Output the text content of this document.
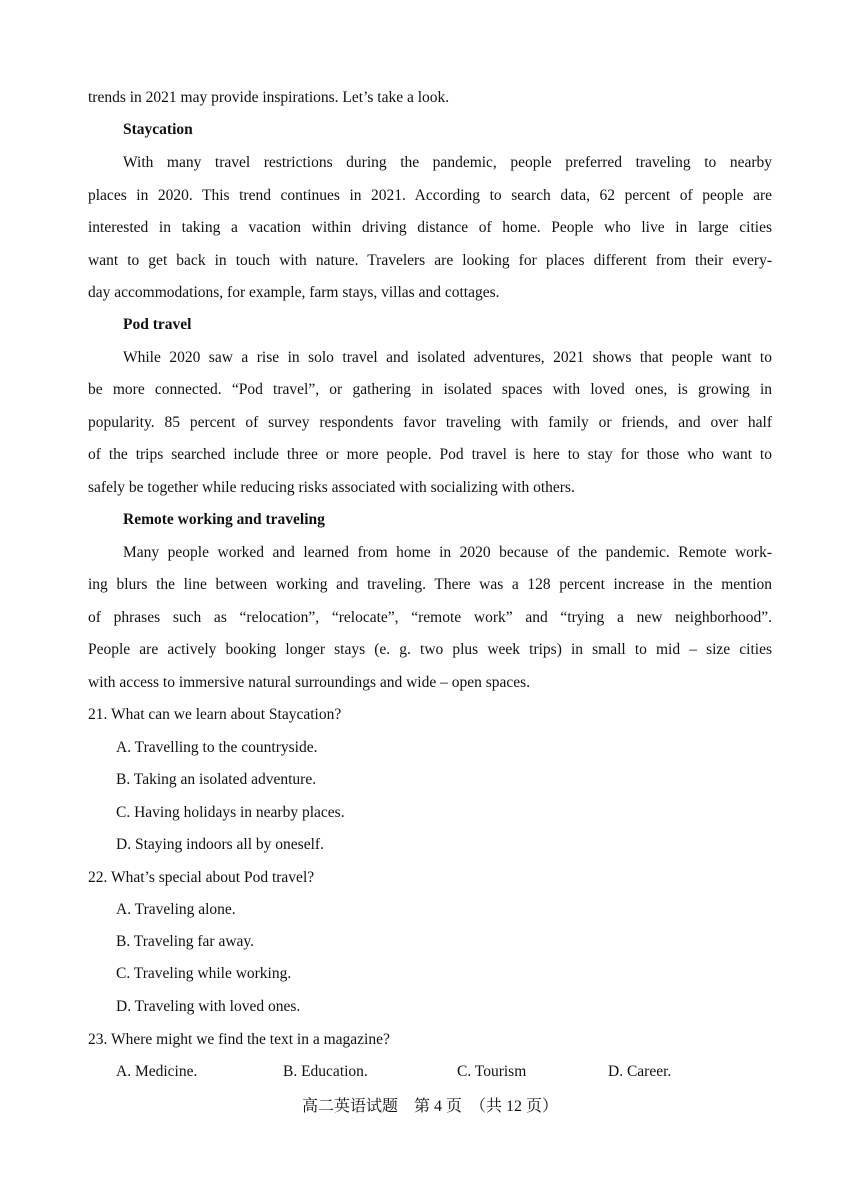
trends in 2021 may provide inspirations. Let’s take a look.
Staycation
With many travel restrictions during the pandemic, people preferred traveling to nearby
places in 2020. This trend continues in 2021. According to search data, 62 percent of people are
interested in taking a vacation within driving distance of home. People who live in large cities
want to get back in touch with nature. Travelers are looking for places different from their every-
day accommodations, for example, farm stays, villas and cottages.
Pod travel
While 2020 saw a rise in solo travel and isolated adventures, 2021 shows that people want to
be more connected. “Pod travel”, or gathering in isolated spaces with loved ones, is growing in
popularity. 85 percent of survey respondents favor traveling with family or friends, and over half
of the trips searched include three or more people. Pod travel is here to stay for those who want to
safely be together while reducing risks associated with socializing with others.
Remote working and traveling
Many people worked and learned from home in 2020 because of the pandemic. Remote work-
ing blurs the line between working and traveling. There was a 128 percent increase in the mention
of phrases such as “relocation”, “relocate”, “remote work” and “trying a new neighborhood”.
People are actively booking longer stays (e. g. two plus week trips) in small to mid – size cities
with access to immersive natural surroundings and wide – open spaces.
21. What can we learn about Staycation?
A. Travelling to the countryside.
B. Taking an isolated adventure.
C. Having holidays in nearby places.
D. Staying indoors all by oneself.
22. What’s special about Pod travel?
A. Traveling alone.
B. Traveling far away.
C. Traveling while working.
D. Traveling with loved ones.
23. Where might we find the text in a magazine?
A. Medicine.	B. Education.	C. Tourism	D. Career.
高二英语试题　第 4 页　（共 12 页）
